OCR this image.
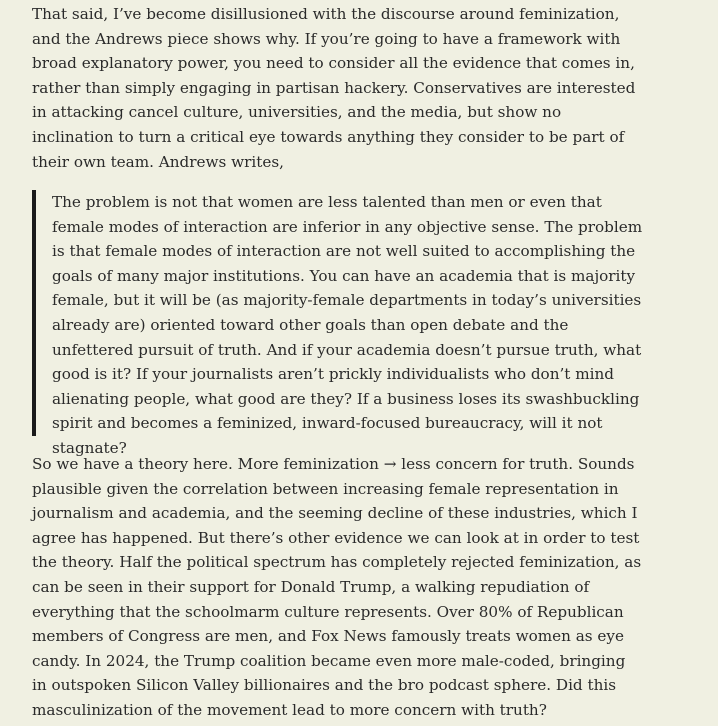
That said, I’ve become disillusioned with the discourse around feminization, and the Andrews piece shows why. If you’re going to have a framework with broad explanatory power, you need to consider all the evidence that comes in, rather than simply engaging in partisan hackery. Conservatives are interested in attacking cancel culture, universities, and the media, but show no inclination to turn a critical eye towards anything they consider to be part of their own team. Andrews writes,

The problem is not that women are less talented than men or even that female modes of interaction are inferior in any objective sense. The problem is that female modes of interaction are not well suited to accomplishing the goals of many major institutions. You can have an academia that is majority female, but it will be (as majority-female departments in today’s universities already are) oriented toward other goals than open debate and the unfettered pursuit of truth. And if your academia doesn’t pursue truth, what good is it? If your journalists aren’t prickly individualists who don’t mind alienating people, what good are they? If a business loses its swashbuckling spirit and becomes a feminized, inward-focused bureaucracy, will it not stagnate?

So we have a theory here. More feminization → less concern for truth. Sounds plausible given the correlation between increasing female representation in journalism and academia, and the seeming decline of these industries, which I agree has happened. But there’s other evidence we can look at in order to test the theory. Half the political spectrum has completely rejected feminization, as can be seen in their support for Donald Trump, a walking repudiation of everything that the schoolmarm culture represents. Over 80% of Republican members of Congress are men, and Fox News famously treats women as eye candy. In 2024, the Trump coalition became even more male-coded, bringing in outspoken Silicon Valley billionaires and the bro podcast sphere. Did this masculinization of the movement lead to more concern with truth?
